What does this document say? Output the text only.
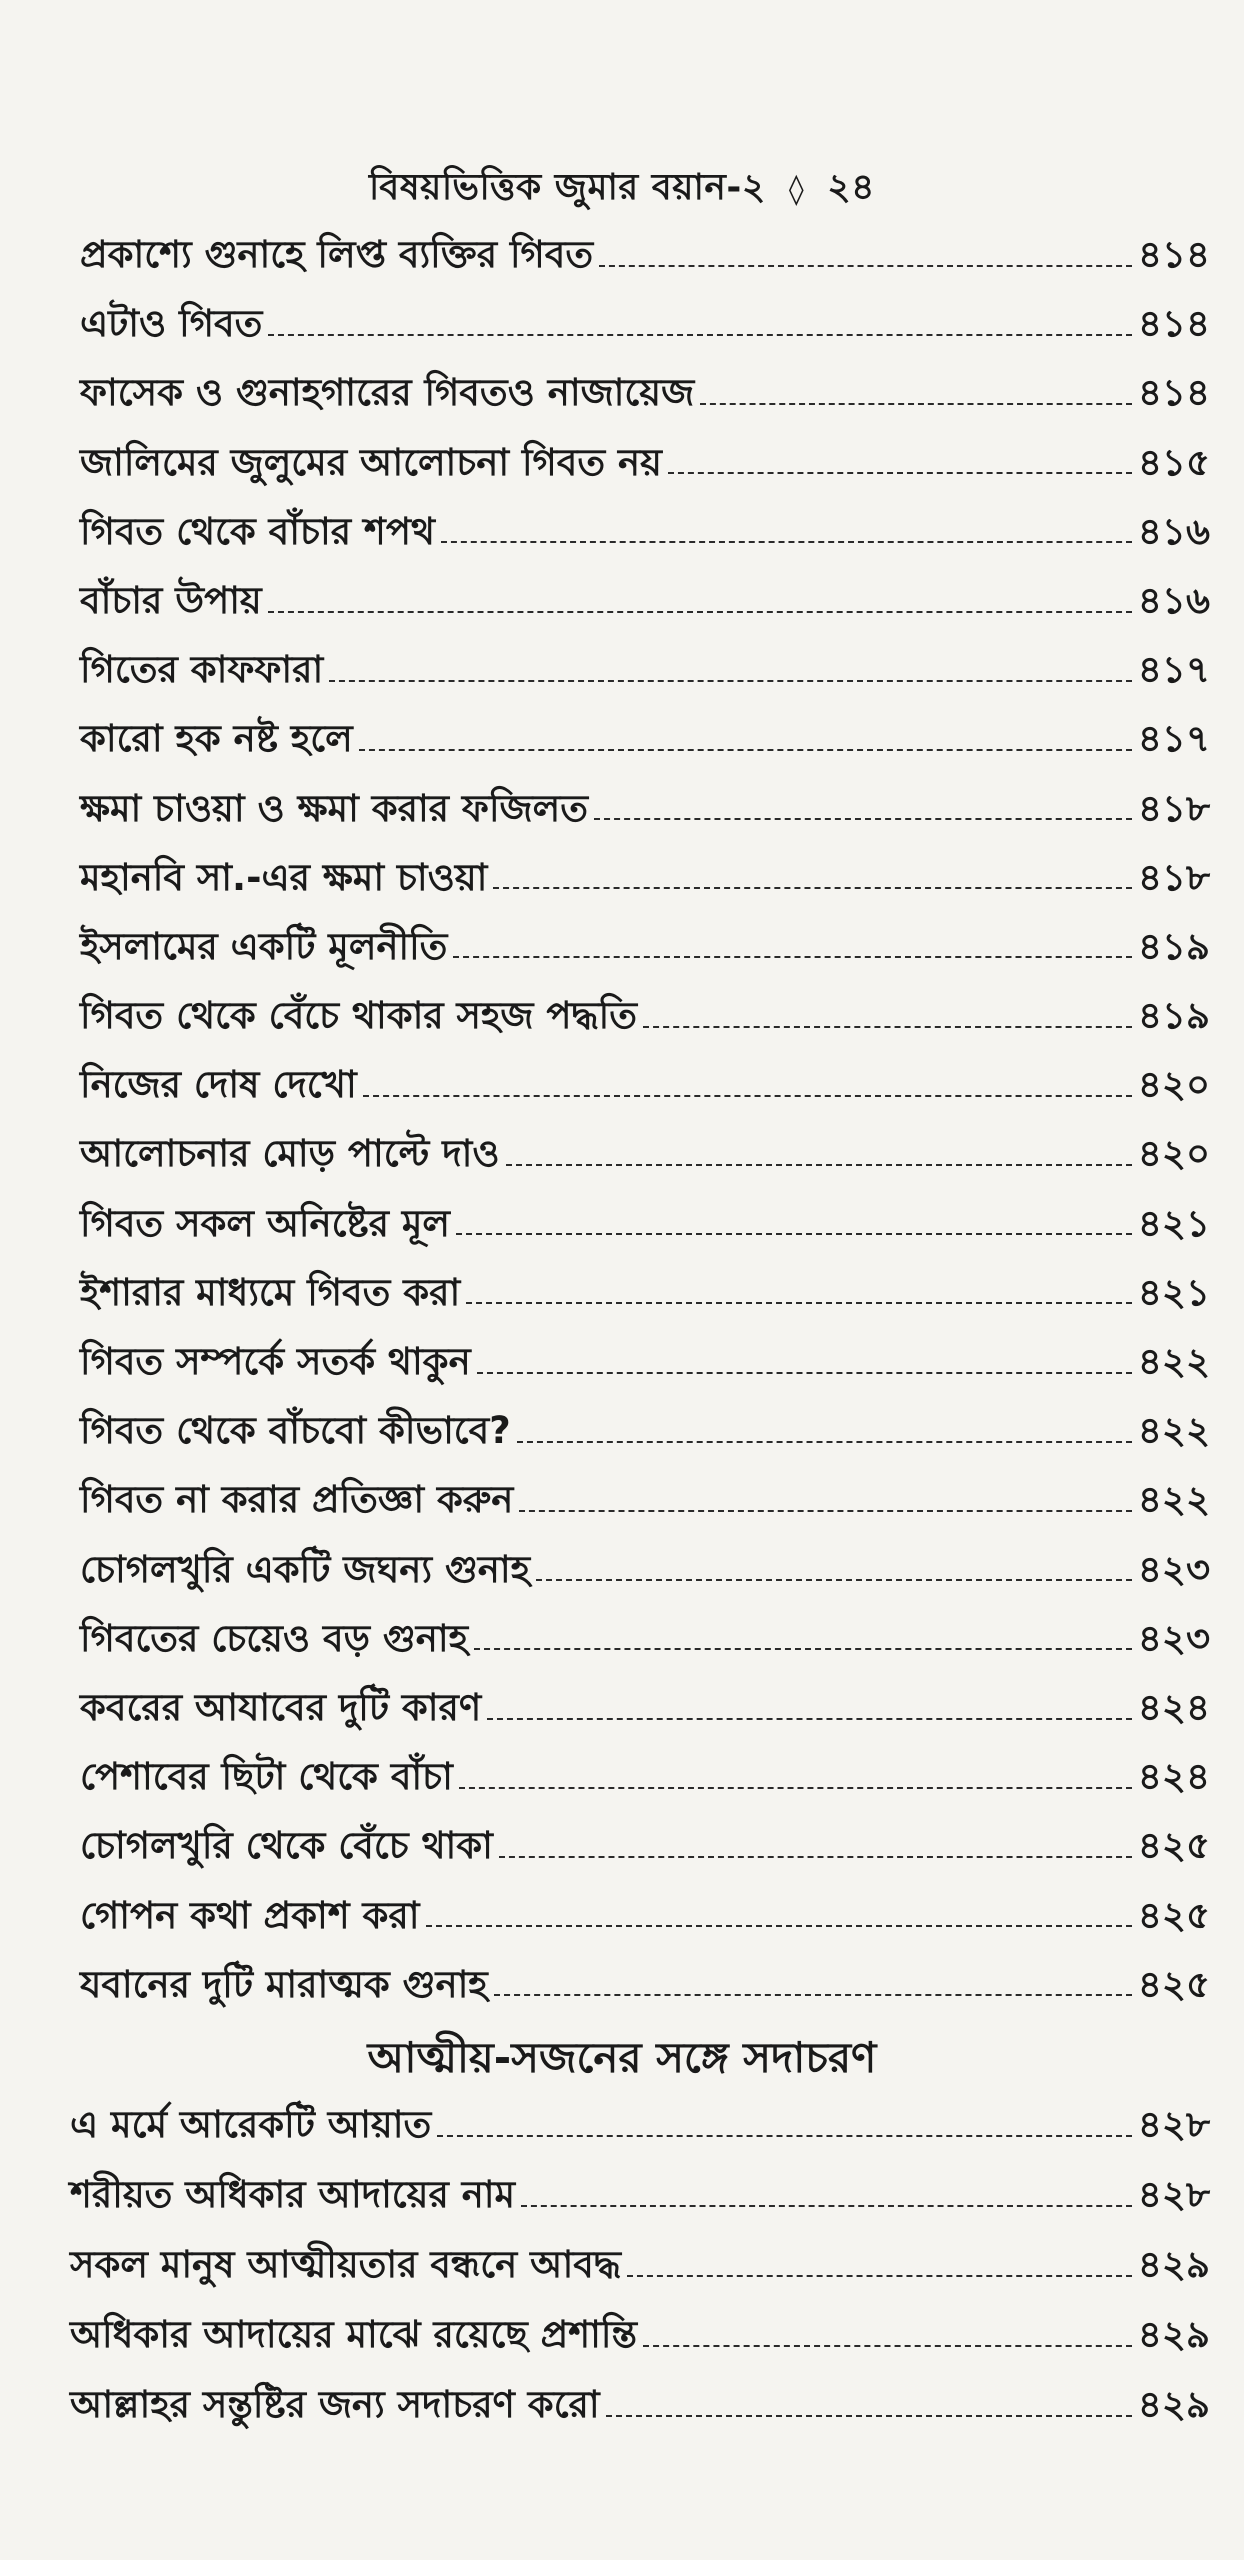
বিষয়ভিত্তিক জুমার বয়ান-২ ◊ ২৪
প্রকাশ্যে গুনাহে লিপ্ত ব্যক্তির গিবত	৪১৪
এটাও গিবত	৪১৪
ফাসেক ও গুনাহগারের গিবতও নাজায়েজ	৪১৪
জালিমের জুলুমের আলোচনা গিবত নয়	৪১৫
গিবত থেকে বাঁচার শপথ	৪১৬
বাঁচার উপায়	৪১৬
গিতের কাফফারা	৪১৭
কারো হক নষ্ট হলে	৪১৭
ক্ষমা চাওয়া ও ক্ষমা করার ফজিলত	৪১৮
মহানবি সা.-এর ক্ষমা চাওয়া	৪১৮
ইসলামের একটি মূলনীতি	৪১৯
গিবত থেকে বেঁচে থাকার সহজ পদ্ধতি	৪১৯
নিজের দোষ দেখো	৪২০
আলোচনার মোড় পাল্টে দাও	৪২০
গিবত সকল অনিষ্টের মূল	৪২১
ইশারার মাধ্যমে গিবত করা	৪২১
গিবত সম্পর্কে সতর্ক থাকুন	৪২২
গিবত থেকে বাঁচবো কীভাবে?	৪২২
গিবত না করার প্রতিজ্ঞা করুন	৪২২
চোগলখুরি একটি জঘন্য গুনাহ	৪২৩
গিবতের চেয়েও বড় গুনাহ	৪২৩
কবরের আযাবের দুটি কারণ	৪২৪
পেশাবের ছিটা থেকে বাঁচা	৪২৪
চোগলখুরি থেকে বেঁচে থাকা	৪২৫
গোপন কথা প্রকাশ করা	৪২৫
যবানের দুটি মারাত্মক গুনাহ	৪২৫
আত্মীয়-সজনের সঙ্গে সদাচরণ
এ মর্মে আরেকটি আয়াত	৪২৮
শরীয়ত অধিকার আদায়ের নাম	৪২৮
সকল মানুষ আত্মীয়তার বন্ধনে আবদ্ধ	৪২৯
অধিকার আদায়ের মাঝে রয়েছে প্রশান্তি	৪২৯
আল্লাহর সন্তুষ্টির জন্য সদাচরণ করো	৪২৯
